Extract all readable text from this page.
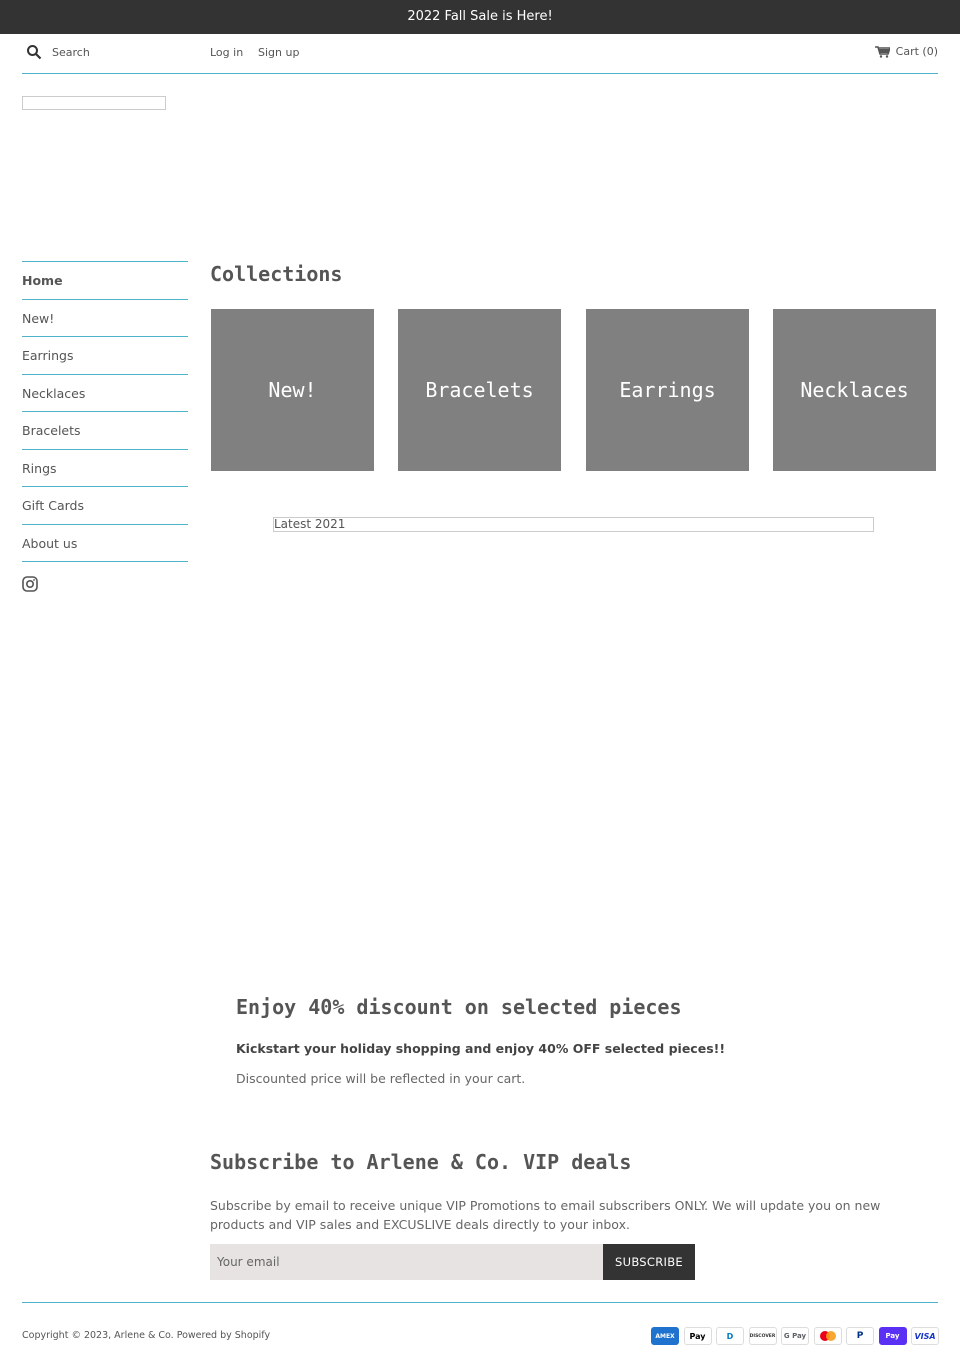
2022 Fall Sale is Here!
Search
Log in Sign up	Cart (0)
Home
New!
Earrings
Necklaces
Bracelets
Rings
Gift Cards
About us
Collections
New!	Bracelets	Earrings	Necklaces
Latest 2021
Enjoy 40% discount on selected pieces

Kickstart your holiday shopping and enjoy 40% OFF selected pieces!!

Discounted price will be reflected in your cart.

Subscribe to Arlene & Co. VIP deals

Subscribe by email to receive unique VIP Promotions to email subscribers ONLY. We will update you on new products and VIP sales and EXCUSLIVE deals directly to your inbox.

Your email
SUBSCRIBE
Copyright © 2023, Arlene & Co. Powered by Shopify	AMEX	Pay	D	DISCOVER	G Pay	P	Pay	VISA
